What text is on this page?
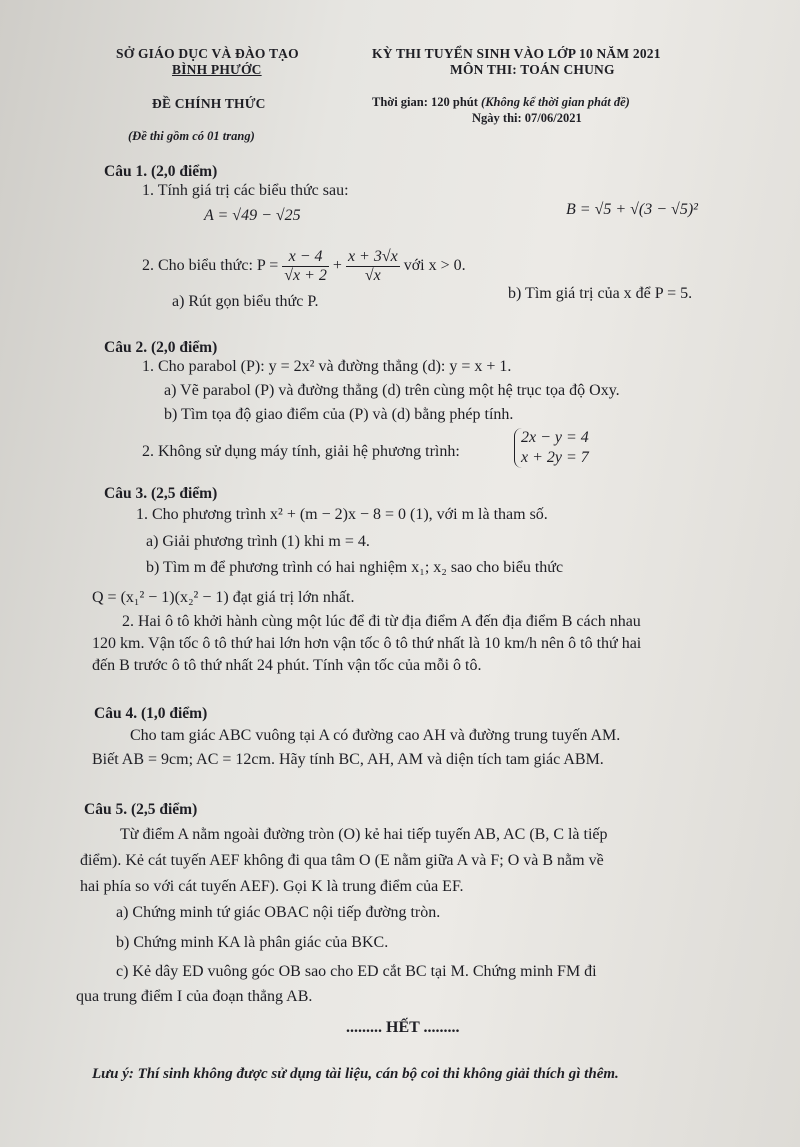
SỞ GIÁO DỤC VÀ ĐÀO TẠO
BÌNH PHƯỚC
ĐỀ CHÍNH THỨC
(Đề thi gồm có 01 trang)
KỲ THI TUYỂN SINH VÀO LỚP 10 NĂM 2021
MÔN THI: TOÁN CHUNG
Thời gian: 120 phút (Không kể thời gian phát đề)
Ngày thi: 07/06/2021
Câu 1. (2,0 điểm)
1. Tính giá trị các biểu thức sau:
A = √49 − √25	B = √5 + √(3 − √5)²
2. Cho biểu thức: $P = \frac{x - 4}{√x + 2} + \frac{x + 3√x}{√x}$ với x > 0.
a) Rút gọn biểu thức P.	b) Tìm giá trị của x để P = 5.
Câu 2. (2,0 điểm)
1. Cho parabol (P): y = 2x² và đường thẳng (d): y = x + 1.
a) Vẽ parabol (P) và đường thẳng (d) trên cùng một hệ trục tọa độ Oxy.
b) Tìm tọa độ giao điểm của (P) và (d) bằng phép tính.
2. Không sử dụng máy tính, giải hệ phương trình:
2x − y = 4
x + 2y = 7
Câu 3. (2,5 điểm)
1. Cho phương trình x² + (m − 2)x − 8 = 0 (1), với m là tham số.
a) Giải phương trình (1) khi m = 4.
b) Tìm m để phương trình có hai nghiệm x₁; x₂ sao cho biểu thức
Q = (x₁² − 1)(x₂² − 1) đạt giá trị lớn nhất.
2. Hai ô tô khởi hành cùng một lúc để đi từ địa điểm A đến địa điểm B cách nhau
120 km. Vận tốc ô tô thứ hai lớn hơn vận tốc ô tô thứ nhất là 10 km/h nên ô tô thứ hai
đến B trước ô tô thứ nhất 24 phút. Tính vận tốc của mỗi ô tô.
Câu 4. (1,0 điểm)
Cho tam giác ABC vuông tại A có đường cao AH và đường trung tuyến AM.
Biết AB = 9cm; AC = 12cm. Hãy tính BC, AH, AM và diện tích tam giác ABM.
Câu 5. (2,5 điểm)
Từ điểm A nằm ngoài đường tròn (O) kẻ hai tiếp tuyến AB, AC (B, C là tiếp
điểm). Kẻ cát tuyến AEF không đi qua tâm O (E nằm giữa A và F; O và B nằm về
hai phía so với cát tuyến AEF). Gọi K là trung điểm của EF.
a) Chứng minh tứ giác OBAC nội tiếp đường tròn.
b) Chứng minh KA là phân giác của BKC.
c) Kẻ dây ED vuông góc OB sao cho ED cắt BC tại M. Chứng minh FM đi
qua trung điểm I của đoạn thẳng AB.
......... HẾT .........
Lưu ý: Thí sinh không được sử dụng tài liệu, cán bộ coi thi không giải thích gì thêm.
